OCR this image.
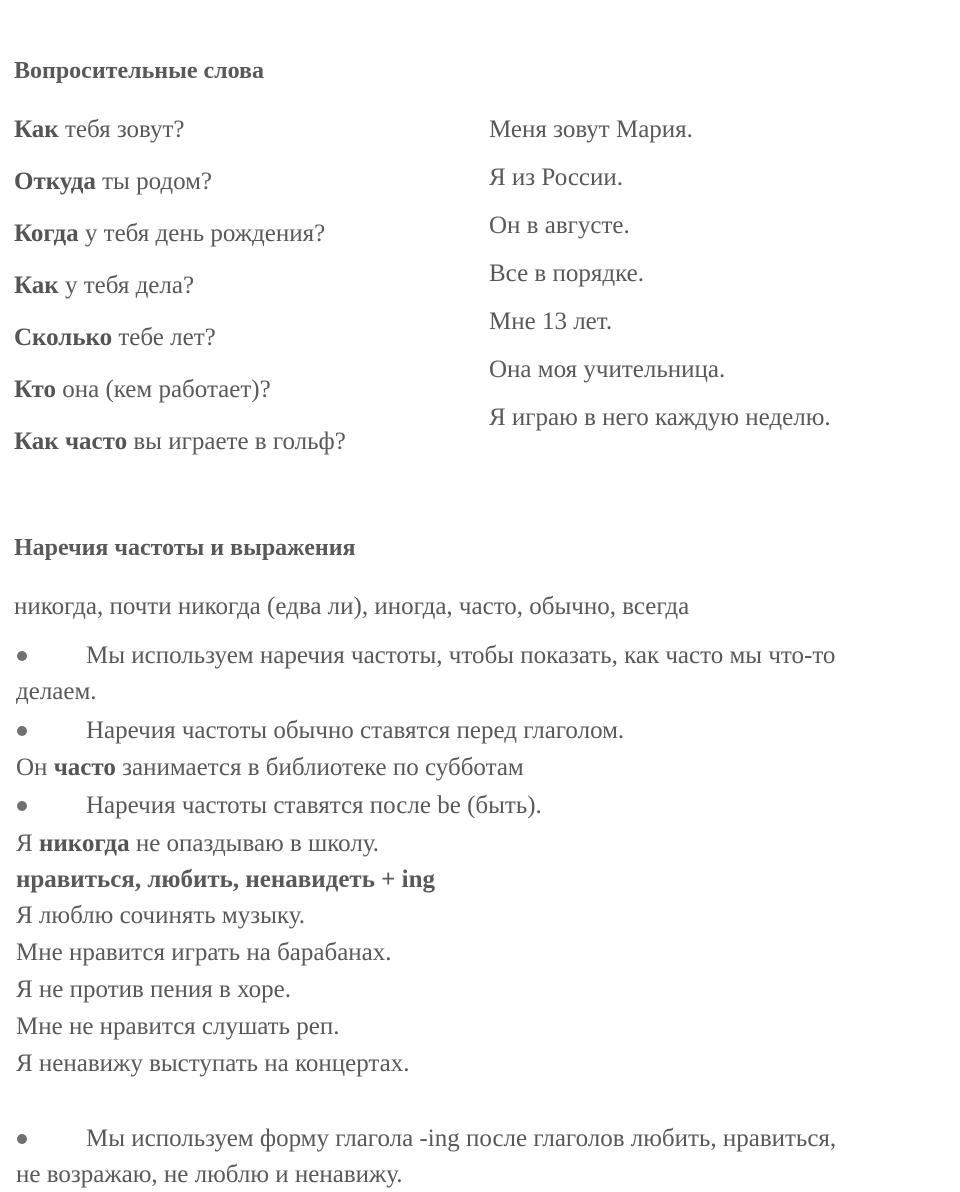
Вопросительные слова
Как тебя зовут?
Откуда ты родом?
Когда у тебя день рождения?
Как у тебя дела?
Сколько тебе лет?
Кто она (кем работает)?
Как часто вы играете в гольф?
Меня зовут Мария.
Я из России.
Он в августе.
Все в порядке.
Мне 13 лет.
Она моя учительница.
Я играю в него каждую неделю.
Наречия частоты и выражения
никогда, почти никогда (едва ли), иногда, часто, обычно, всегда
Мы используем наречия частоты, чтобы показать, как часто мы что-то
делаем.
Наречия частоты обычно ставятся перед глаголом.
Он часто занимается в библиотеке по субботам
Наречия частоты ставятся после be (быть).
Я никогда не опаздываю в школу.
нравиться, любить, ненавидеть + ing
Я люблю сочинять музыку.
Мне нравится играть на барабанах.
Я не против пения в хоре.
Мне не нравится слушать реп.
Я ненавижу выступать на концертах.
Мы используем форму глагола -ing после глаголов любить, нравиться,
не возражаю, не люблю и ненавижу.
